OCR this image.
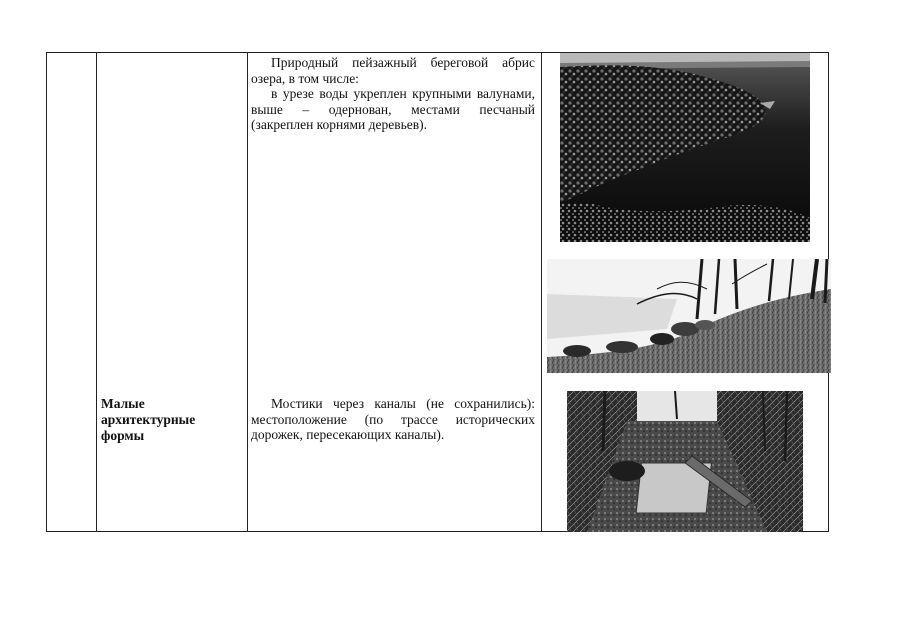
Природный пейзажный береговой абрис озера, в том числе:

в урезе воды укреплен крупными валунами, выше – одернован, местами песчаный (закреплен корнями деревьев).

Малые архитектурные формы

Мостики через каналы (не сохранились): местоположение (по трассе исторических дорожек, пересекающих каналы).
